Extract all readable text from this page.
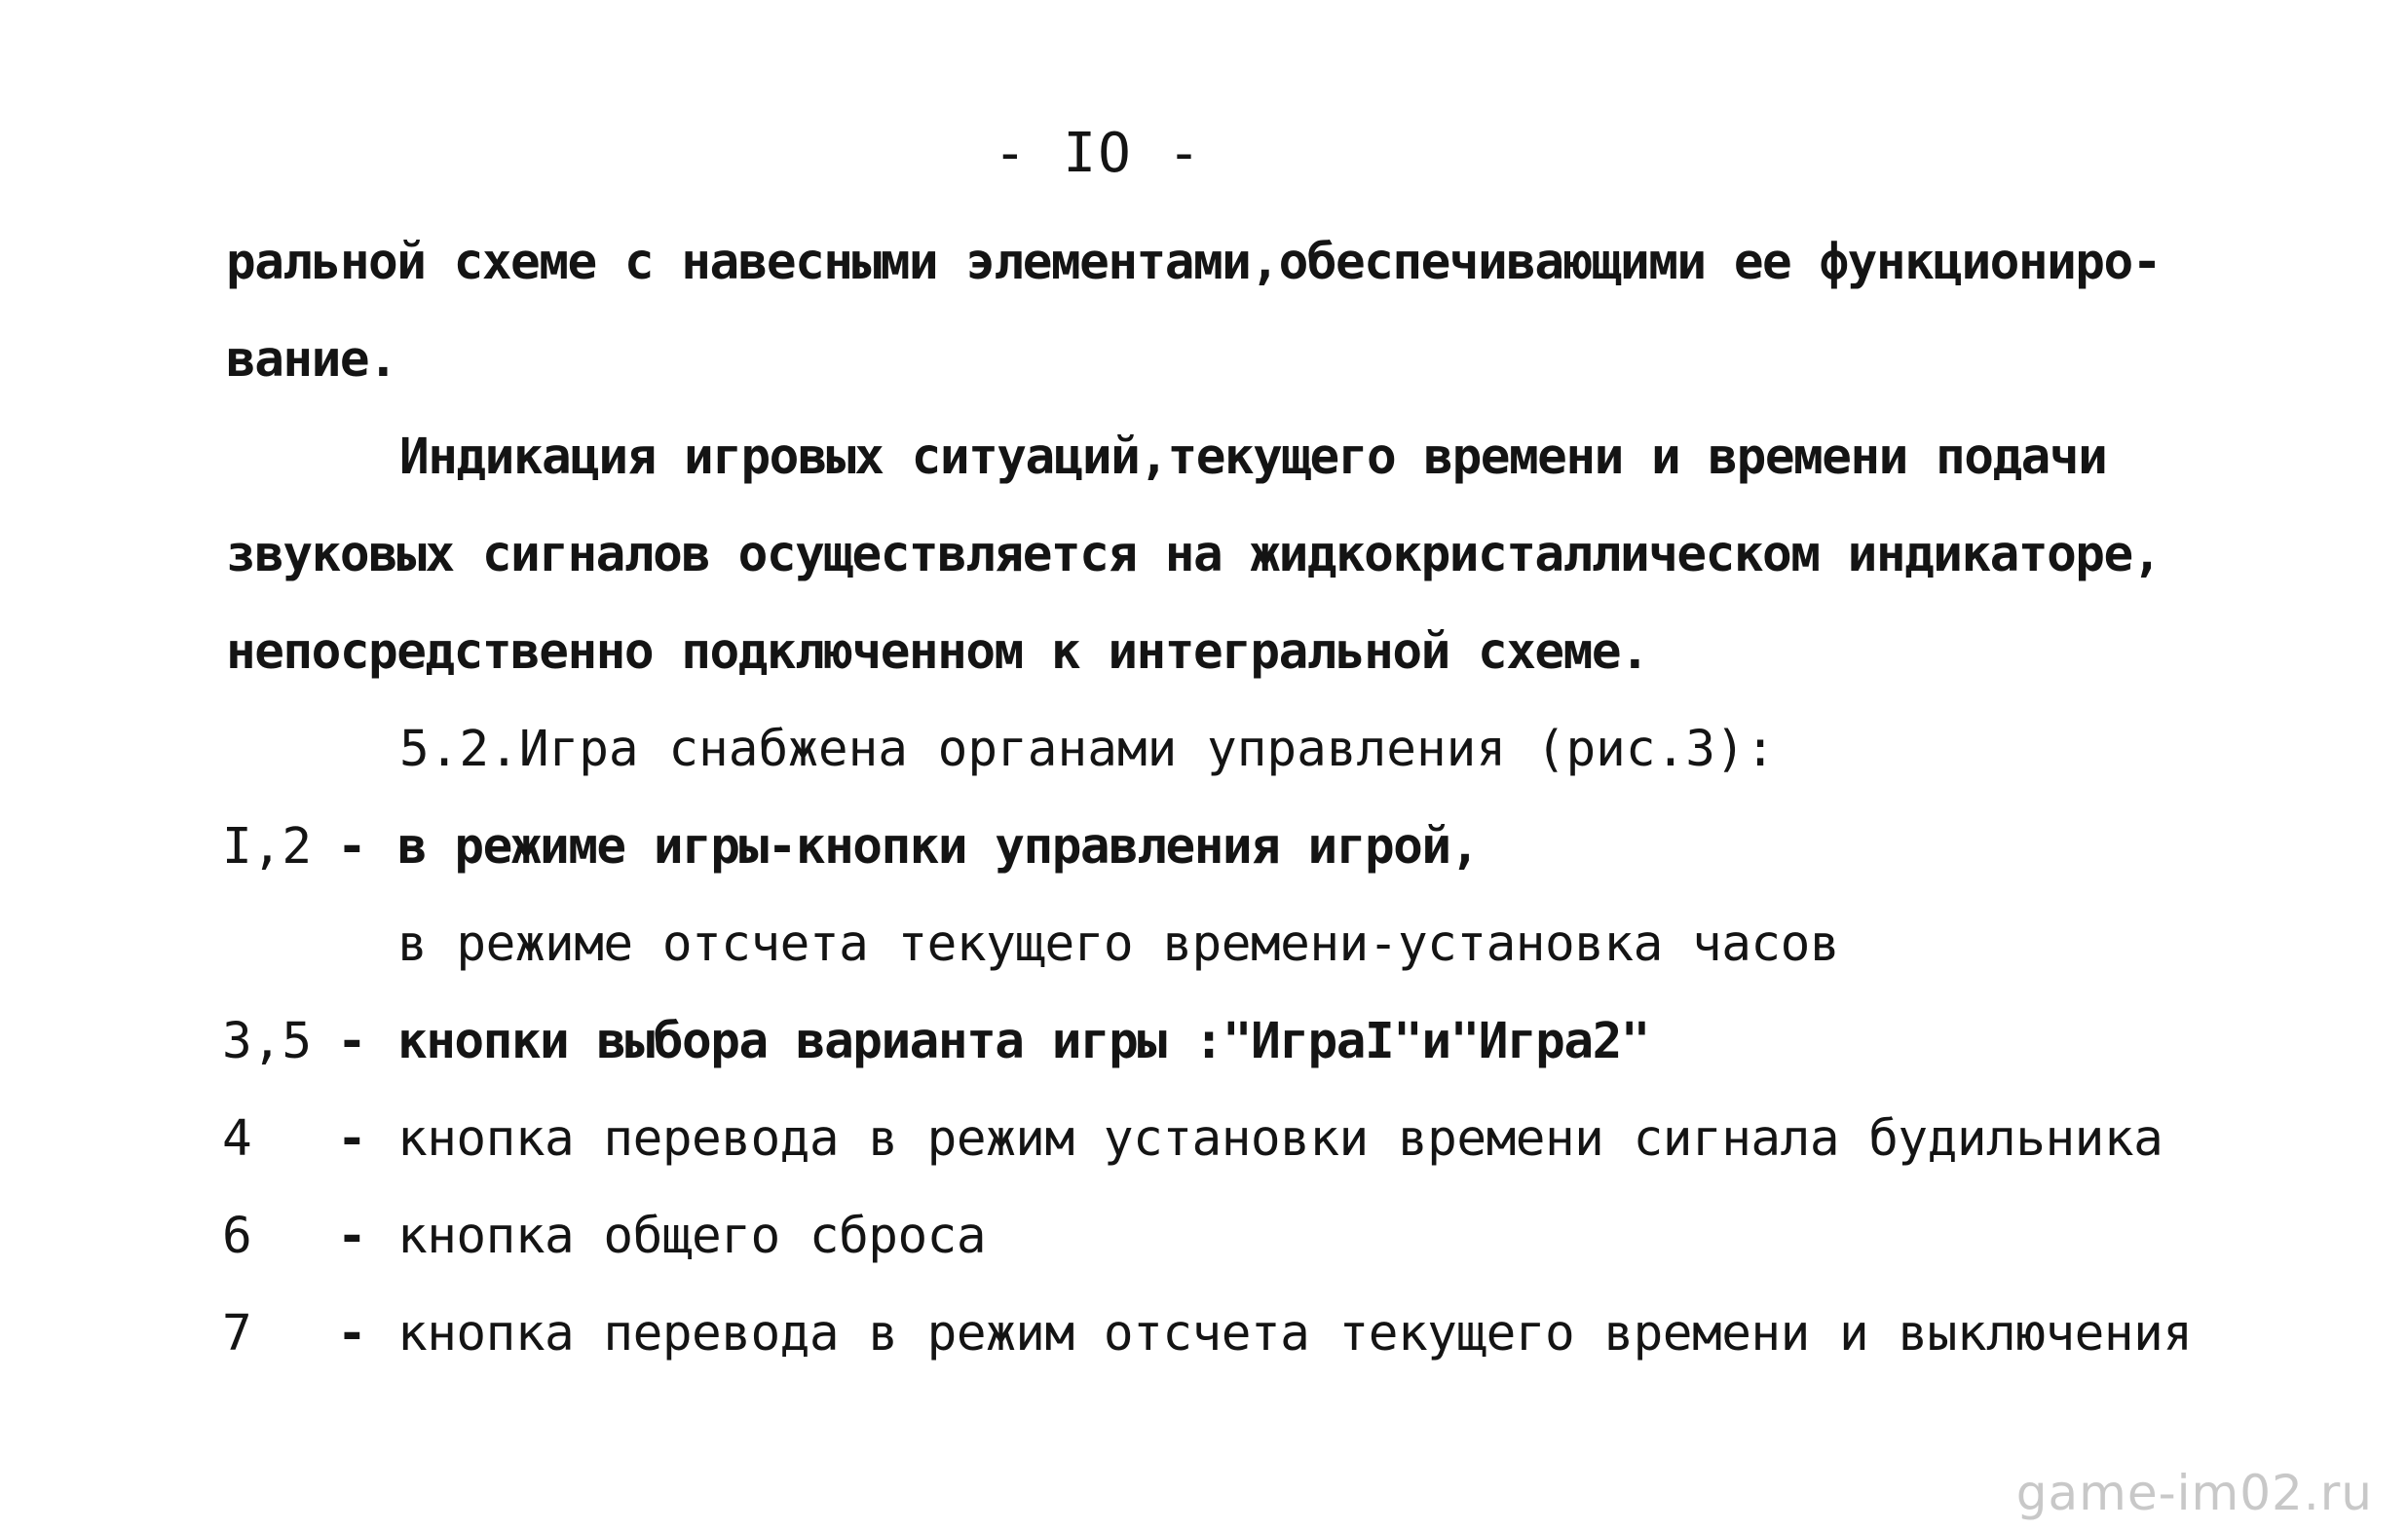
- IO -
ральной схеме с навесными элементами,обеспечивающими ее функциониро-
вание.
Индикация игровых ситуаций,текущего времени и времени подачи
звуковых сигналов осуществляется на жидкокристаллическом индикаторе,
непосредственно подключенном к интегральной схеме.
5.2.Игра снабжена органами управления (рис.3):
I,2 - в режиме игры-кнопки управления игрой,
в режиме отсчета текущего времени-установка часов
3,5 - кнопки выбора варианта игры :"ИграI"и"Игра2"
4 - кнопка перевода в режим установки времени сигнала будильника
6 - кнопка общего сброса
7 - кнопка перевода в режим отсчета текущего времени и выключения
game-im02.ru
